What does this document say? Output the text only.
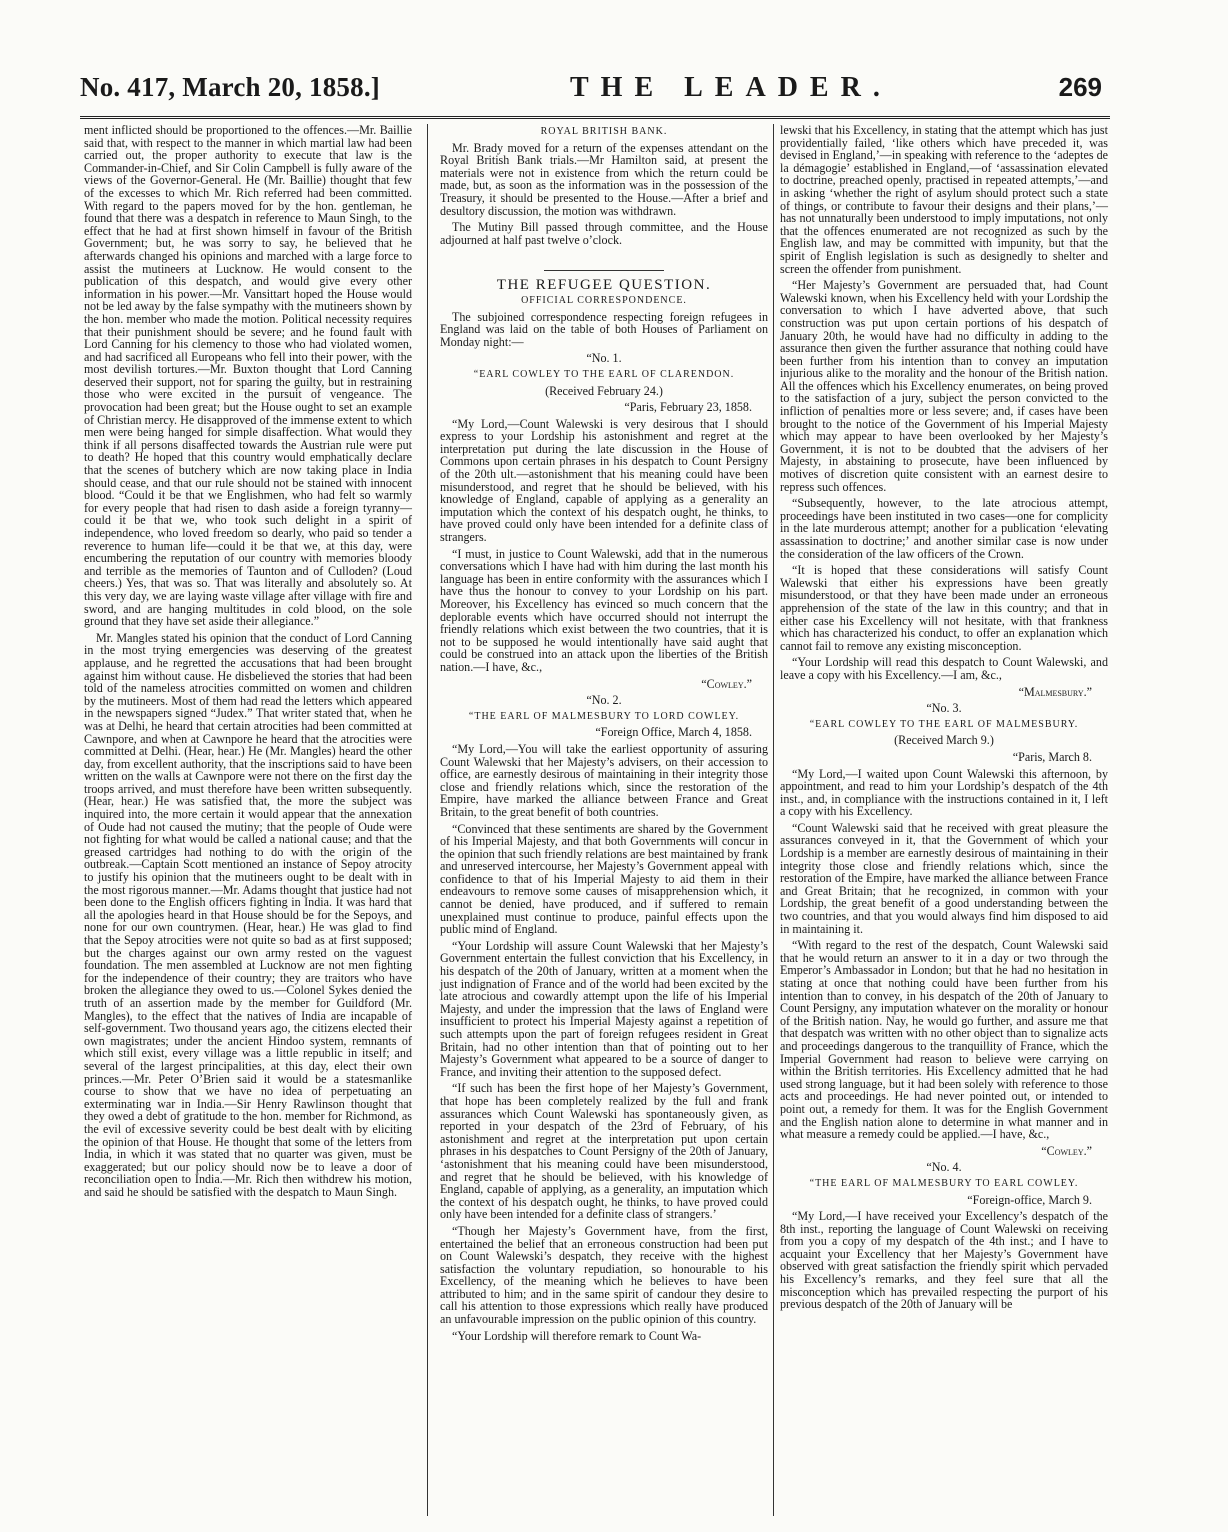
No. 417, March 20, 1858.]	THE LEADER.	269

ment inflicted should be proportioned to the offences.—Mr. Baillie said that, with respect to the manner in which martial law had been carried out, the proper authority to execute that law is the Commander-in-Chief, and Sir Colin Campbell is fully aware of the views of the Governor-General. He (Mr. Baillie) thought that few of the excesses to which Mr. Rich referred had been committed. With regard to the papers moved for by the hon. gentleman, he found that there was a despatch in reference to Maun Singh, to the effect that he had at first shown himself in favour of the British Government; but, he was sorry to say, he believed that he afterwards changed his opinions and marched with a large force to assist the mutineers at Lucknow. He would consent to the publication of this despatch, and would give every other information in his power.—Mr. Vansittart hoped the House would not be led away by the false sympathy with the mutineers shown by the hon. member who made the motion. Political necessity requires that their punishment should be severe; and he found fault with Lord Canning for his clemency to those who had violated women, and had sacrificed all Europeans who fell into their power, with the most devilish tortures.—Mr. Buxton thought that Lord Canning deserved their support, not for sparing the guilty, but in restraining those who were excited in the pursuit of vengeance. The provocation had been great; but the House ought to set an example of Christian mercy. He disapproved of the immense extent to which men were being hanged for simple disaffection. What would they think if all persons disaffected towards the Austrian rule were put to death? He hoped that this country would emphatically declare that the scenes of butchery which are now taking place in India should cease, and that our rule should not be stained with innocent blood. “Could it be that we Englishmen, who had felt so warmly for every people that had risen to dash aside a foreign tyranny—could it be that we, who took such delight in a spirit of independence, who loved freedom so dearly, who paid so tender a reverence to human life—could it be that we, at this day, were encumbering the reputation of our country with memories bloody and terrible as the memories of Taunton and of Culloden? (Loud cheers.) Yes, that was so. That was literally and absolutely so. At this very day, we are laying waste village after village with fire and sword, and are hanging multitudes in cold blood, on the sole ground that they have set aside their allegiance.”

Mr. Mangles stated his opinion that the conduct of Lord Canning in the most trying emergencies was deserving of the greatest applause, and he regretted the accusations that had been brought against him without cause. He disbelieved the stories that had been told of the nameless atrocities committed on women and children by the mutineers. Most of them had read the letters which appeared in the newspapers signed “Judex.” That writer stated that, when he was at Delhi, he heard that certain atrocities had been committed at Cawnpore, and when at Cawnpore he heard that the atrocities were committed at Delhi. (Hear, hear.) He (Mr. Mangles) heard the other day, from excellent authority, that the inscriptions said to have been written on the walls at Cawnpore were not there on the first day the troops arrived, and must therefore have been written subsequently. (Hear, hear.) He was satisfied that, the more the subject was inquired into, the more certain it would appear that the annexation of Oude had not caused the mutiny; that the people of Oude were not fighting for what would be called a national cause; and that the greased cartridges had nothing to do with the origin of the outbreak.—Captain Scott mentioned an instance of Sepoy atrocity to justify his opinion that the mutineers ought to be dealt with in the most rigorous manner.—Mr. Adams thought that justice had not been done to the English officers fighting in India. It was hard that all the apologies heard in that House should be for the Sepoys, and none for our own countrymen. (Hear, hear.) He was glad to find that the Sepoy atrocities were not quite so bad as at first supposed; but the charges against our own army rested on the vaguest foundation. The men assembled at Lucknow are not men fighting for the independence of their country; they are traitors who have broken the allegiance they owed to us.—Colonel Sykes denied the truth of an assertion made by the member for Guildford (Mr. Mangles), to the effect that the natives of India are incapable of self-government. Two thousand years ago, the citizens elected their own magistrates; under the ancient Hindoo system, remnants of which still exist, every village was a little republic in itself; and several of the largest principalities, at this day, elect their own princes.—Mr. Peter O’Brien said it would be a statesmanlike course to show that we have no idea of perpetuating an exterminating war in India.—Sir Henry Rawlinson thought that they owed a debt of gratitude to the hon. member for Richmond, as the evil of excessive severity could be best dealt with by eliciting the opinion of that House. He thought that some of the letters from India, in which it was stated that no quarter was given, must be exaggerated; but our policy should now be to leave a door of reconciliation open to India.—Mr. Rich then withdrew his motion, and said he should be satisfied with the despatch to Maun Singh.

ROYAL BRITISH BANK.

Mr. Brady moved for a return of the expenses attendant on the Royal British Bank trials.—Mr Hamilton said, at present the materials were not in existence from which the return could be made, but, as soon as the information was in the possession of the Treasury, it should be presented to the House.—After a brief and desultory discussion, the motion was withdrawn.

The Mutiny Bill passed through committee, and the House adjourned at half past twelve o’clock.

THE REFUGEE QUESTION.
OFFICIAL CORRESPONDENCE.

The subjoined correspondence respecting foreign refugees in England was laid on the table of both Houses of Parliament on Monday night:—

“No. 1.

“EARL COWLEY TO THE EARL OF CLARENDON.

(Received February 24.)

“Paris, February 23, 1858.

“My Lord,—Count Walewski is very desirous that I should express to your Lordship his astonishment and regret at the interpretation put during the late discussion in the House of Commons upon certain phrases in his despatch to Count Persigny of the 20th ult.—astonishment that his meaning could have been misunderstood, and regret that he should be believed, with his knowledge of England, capable of applying as a generality an imputation which the context of his despatch ought, he thinks, to have proved could only have been intended for a definite class of strangers.

“I must, in justice to Count Walewski, add that in the numerous conversations which I have had with him during the last month his language has been in entire conformity with the assurances which I have thus the honour to convey to your Lordship on his part. Moreover, his Excellency has evinced so much concern that the deplorable events which have occurred should not interrupt the friendly relations which exist between the two countries, that it is not to be supposed he would intentionally have said aught that could be construed into an attack upon the liberties of the British nation.—I have, &c.,

“Cowley.”

“No. 2.

“THE EARL OF MALMESBURY TO LORD COWLEY.

“Foreign Office, March 4, 1858.

“My Lord,—You will take the earliest opportunity of assuring Count Walewski that her Majesty’s advisers, on their accession to office, are earnestly desirous of maintaining in their integrity those close and friendly relations which, since the restoration of the Empire, have marked the alliance between France and Great Britain, to the great benefit of both countries.

“Convinced that these sentiments are shared by the Government of his Imperial Majesty, and that both Governments will concur in the opinion that such friendly relations are best maintained by frank and unreserved intercourse, her Majesty’s Government appeal with confidence to that of his Imperial Majesty to aid them in their endeavours to remove some causes of misapprehension which, it cannot be denied, have produced, and if suffered to remain unexplained must continue to produce, painful effects upon the public mind of England.

“Your Lordship will assure Count Walewski that her Majesty’s Government entertain the fullest conviction that his Excellency, in his despatch of the 20th of January, written at a moment when the just indignation of France and of the world had been excited by the late atrocious and cowardly attempt upon the life of his Imperial Majesty, and under the impression that the laws of England were insufficient to protect his Imperial Majesty against a repetition of such attempts upon the part of foreign refugees resident in Great Britain, had no other intention than that of pointing out to her Majesty’s Government what appeared to be a source of danger to France, and inviting their attention to the supposed defect.

“If such has been the first hope of her Majesty’s Government, that hope has been completely realized by the full and frank assurances which Count Walewski has spontaneously given, as reported in your despatch of the 23rd of February, of his astonishment and regret at the interpretation put upon certain phrases in his despatches to Count Persigny of the 20th of January, ‘astonishment that his meaning could have been misunderstood, and regret that he should be believed, with his knowledge of England, capable of applying, as a generality, an imputation which the context of his despatch ought, he thinks, to have proved could only have been intended for a definite class of strangers.’

“Though her Majesty’s Government have, from the first, entertained the belief that an erroneous construction had been put on Count Walewski’s despatch, they receive with the highest satisfaction the voluntary repudiation, so honourable to his Excellency, of the meaning which he believes to have been attributed to him; and in the same spirit of candour they desire to call his attention to those expressions which really have produced an unfavourable impression on the public opinion of this country.

“Your Lordship will therefore remark to Count Wa-

lewski that his Excellency, in stating that the attempt which has just providentially failed, ‘like others which have preceded it, was devised in England,’—in speaking with reference to the ‘adeptes de la démagogie’ established in England,—of ‘assassination elevated to doctrine, preached openly, practised in repeated attempts,’—and in asking ‘whether the right of asylum should protect such a state of things, or contribute to favour their designs and their plans,’—has not unnaturally been understood to imply imputations, not only that the offences enumerated are not recognized as such by the English law, and may be committed with impunity, but that the spirit of English legislation is such as designedly to shelter and screen the offender from punishment.

“Her Majesty’s Government are persuaded that, had Count Walewski known, when his Excellency held with your Lordship the conversation to which I have adverted above, that such construction was put upon certain portions of his despatch of January 20th, he would have had no difficulty in adding to the assurance then given the further assurance that nothing could have been further from his intention than to convey an imputation injurious alike to the morality and the honour of the British nation. All the offences which his Excellency enumerates, on being proved to the satisfaction of a jury, subject the person convicted to the infliction of penalties more or less severe; and, if cases have been brought to the notice of the Government of his Imperial Majesty which may appear to have been overlooked by her Majesty’s Government, it is not to be doubted that the advisers of her Majesty, in abstaining to prosecute, have been influenced by motives of discretion quite consistent with an earnest desire to repress such offences.

“Subsequently, however, to the late atrocious attempt, proceedings have been instituted in two cases—one for complicity in the late murderous attempt; another for a publication ‘elevating assassination to doctrine;’ and another similar case is now under the consideration of the law officers of the Crown.

“It is hoped that these considerations will satisfy Count Walewski that either his expressions have been greatly misunderstood, or that they have been made under an erroneous apprehension of the state of the law in this country; and that in either case his Excellency will not hesitate, with that frankness which has characterized his conduct, to offer an explanation which cannot fail to remove any existing misconception.

“Your Lordship will read this despatch to Count Walewski, and leave a copy with his Excellency.—I am, &c.,

“Malmesbury.”

“No. 3.

“EARL COWLEY TO THE EARL OF MALMESBURY.

(Received March 9.)

“Paris, March 8.

“My Lord,—I waited upon Count Walewski this afternoon, by appointment, and read to him your Lordship’s despatch of the 4th inst., and, in compliance with the instructions contained in it, I left a copy with his Excellency.

“Count Walewski said that he received with great pleasure the assurances conveyed in it, that the Government of which your Lordship is a member are earnestly desirous of maintaining in their integrity those close and friendly relations which, since the restoration of the Empire, have marked the alliance between France and Great Britain; that he recognized, in common with your Lordship, the great benefit of a good understanding between the two countries, and that you would always find him disposed to aid in maintaining it.

“With regard to the rest of the despatch, Count Walewski said that he would return an answer to it in a day or two through the Emperor’s Ambassador in London; but that he had no hesitation in stating at once that nothing could have been further from his intention than to convey, in his despatch of the 20th of January to Count Persigny, any imputation whatever on the morality or honour of the British nation. Nay, he would go further, and assure me that that despatch was written with no other object than to signalize acts and proceedings dangerous to the tranquillity of France, which the Imperial Government had reason to believe were carrying on within the British territories. His Excellency admitted that he had used strong language, but it had been solely with reference to those acts and proceedings. He had never pointed out, or intended to point out, a remedy for them. It was for the English Government and the English nation alone to determine in what manner and in what measure a remedy could be applied.—I have, &c.,

“Cowley.”

“No. 4.

“THE EARL OF MALMESBURY TO EARL COWLEY.

“Foreign-office, March 9.

“My Lord,—I have received your Excellency’s despatch of the 8th inst., reporting the language of Count Walewski on receiving from you a copy of my despatch of the 4th inst.; and I have to acquaint your Excellency that her Majesty’s Government have observed with great satisfaction the friendly spirit which pervaded his Excellency’s remarks, and they feel sure that all the misconception which has prevailed respecting the purport of his previous despatch of the 20th of January will be
